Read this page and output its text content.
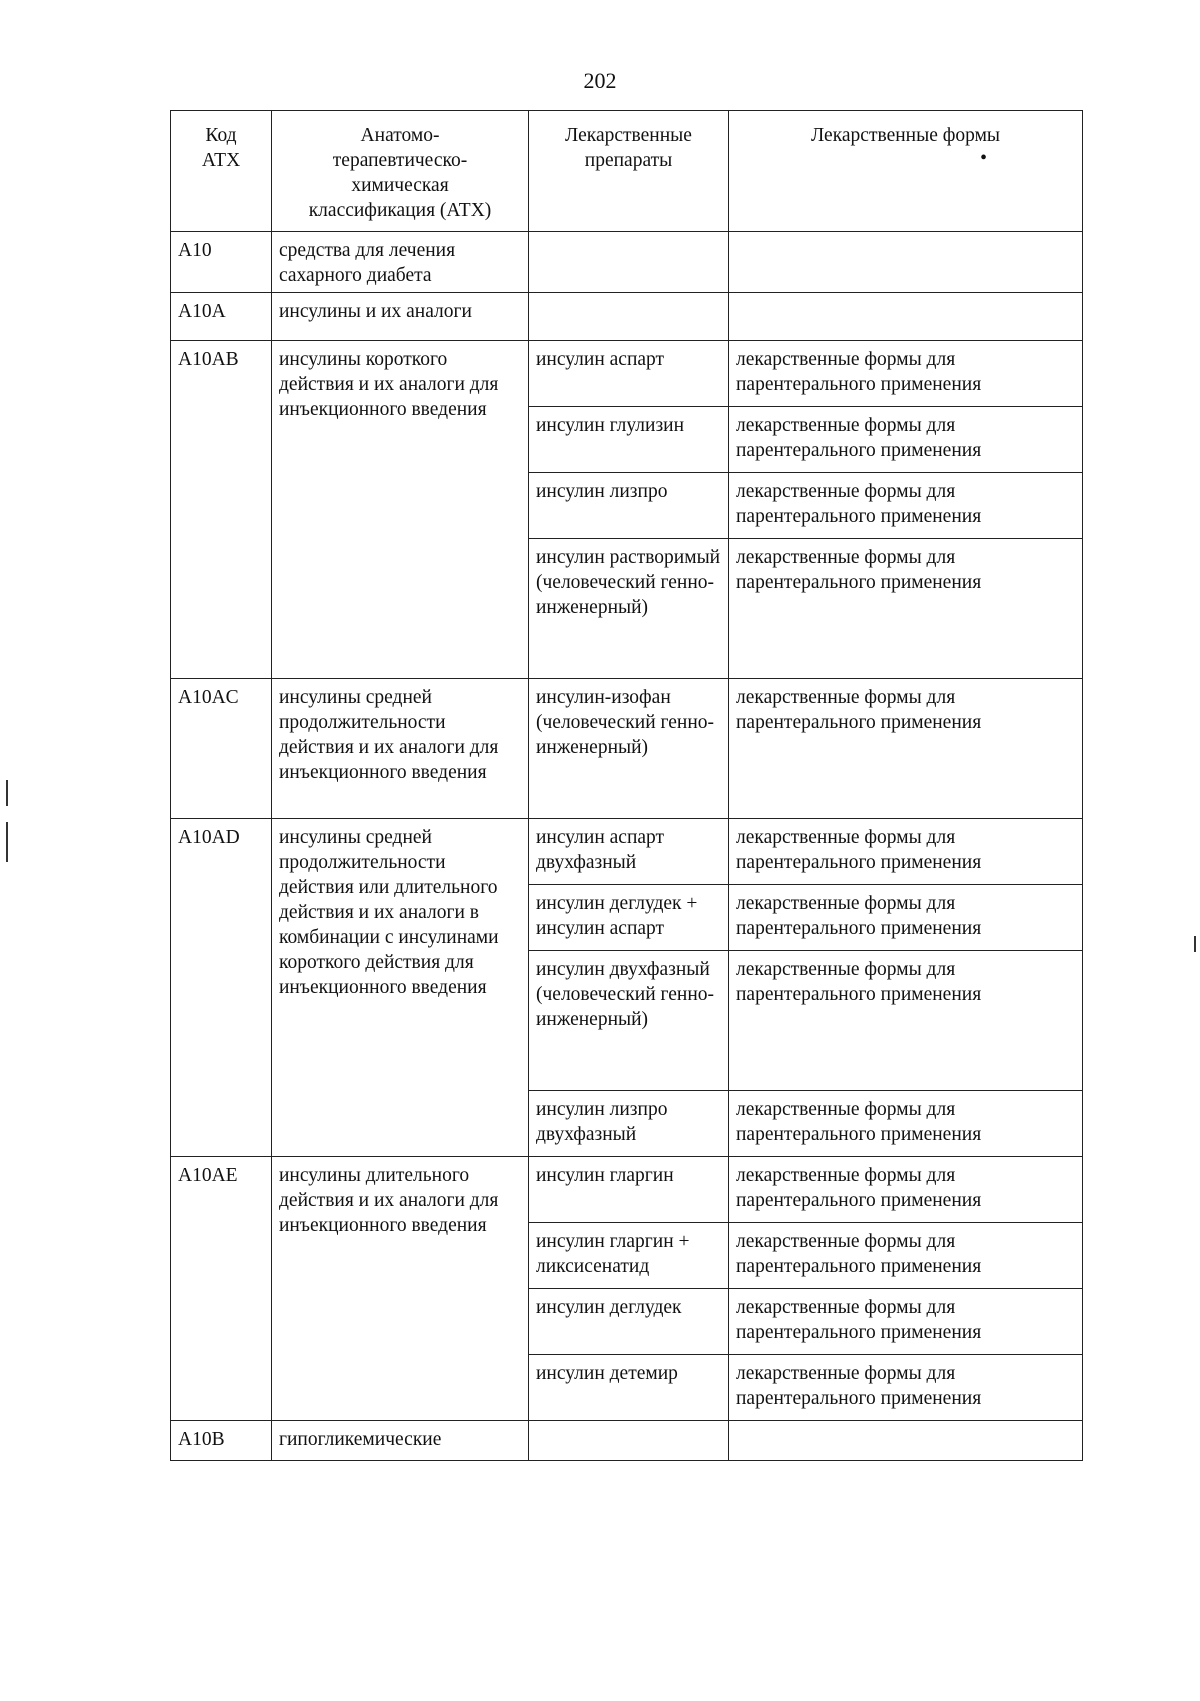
202
Код АТХ	Анатомо-терапевтическо-химическая классификация (АТХ)	Лекарственные препараты	Лекарственные формы
•

A10	средства для лечения сахарного диабета		
A10A	инсулины и их аналоги		
A10AB	инсулины короткого действия и их аналоги для инъекционного введения	инсулин аспарт	лекарственные формы для парентерального применения
		инсулин глулизин	лекарственные формы для парентерального применения
		инсулин лизпро	лекарственные формы для парентерального применения
		инсулин растворимый (человеческий генно-инженерный)	лекарственные формы для парентерального применения
A10AC	инсулины средней продолжительности действия и их аналоги для инъекционного введения	инсулин-изофан (человеческий генно-инженерный)	лекарственные формы для парентерального применения
A10AD	инсулины средней продолжительности действия или длительного действия и их аналоги в комбинации с инсулинами короткого действия для инъекционного введения	инсулин аспарт двухфазный	лекарственные формы для парентерального применения
		инсулин деглудек + инсулин аспарт	лекарственные формы для парентерального применения
		инсулин двухфазный (человеческий генно-инженерный)	лекарственные формы для парентерального применения
		инсулин лизпро двухфазный	лекарственные формы для парентерального применения
A10AE	инсулины длительного действия и их аналоги для инъекционного введения	инсулин гларгин	лекарственные формы для парентерального применения
		инсулин гларгин + ликсисенатид	лекарственные формы для парентерального применения
		инсулин деглудек	лекарственные формы для парентерального применения
		инсулин детемир	лекарственные формы для парентерального применения
A10B	гипогликемические		
